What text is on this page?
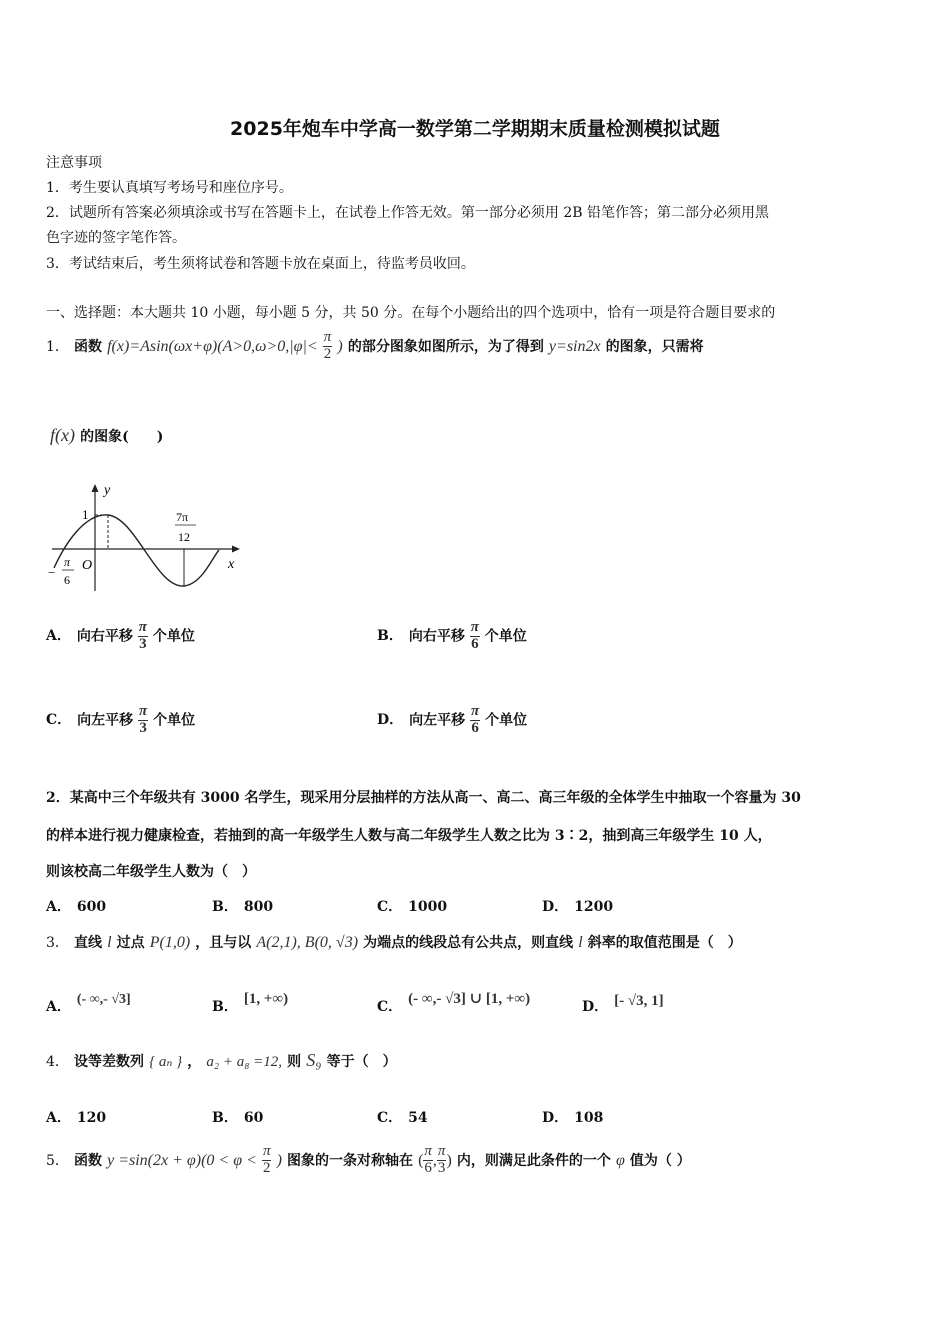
2025年炮车中学高一数学第二学期期末质量检测模拟试题
注意事项
1．考生要认真填写考场号和座位序号。
2．试题所有答案必须填涂或书写在答题卡上，在试卷上作答无效。第一部分必须用 2B 铅笔作答；第二部分必须用黑
色字迹的签字笔作答。
3．考试结束后，考生须将试卷和答题卡放在桌面上，待监考员收回。
一、选择题：本大题共 10 小题，每小题 5 分，共 50 分。在每个小题给出的四个选项中，恰有一项是符合题目要求的
1． 函数 $f(x)=Asin(\omega x+\varphi)(A>0,\omega>0,|\varphi|< \frac{\pi}{2}$ ) 的部分图象如图所示，为了得到 y=sin2x 的图象，只需将
f(x) 的图象(　　)
y
x
1
O
7π
12
−
π
6
A． 向右平移 $\frac{\pi}{3}$ 个单位	B． 向右平移 $\frac{\pi}{6}$ 个单位
C． 向左平移 $\frac{\pi}{3}$ 个单位	D． 向左平移 $\frac{\pi}{6}$ 个单位
2．某高中三个年级共有 3000 名学生，现采用分层抽样的方法从高一、高二、高三年级的全体学生中抽取一个容量为 30
的样本进行视力健康检查，若抽到的高一年级学生人数与高二年级学生人数之比为 3∶2，抽到高三年级学生 10 人，
则该校高二年级学生人数为（　）
A． 600	B． 800	C． 1000	D． 1200
3． 直线 l 过点 P(1,0) ，且与以 A(2,1), B(0, √3) 为端点的线段总有公共点，则直线 l 斜率的取值范围是（　）
A． (- ∞,- √3]	B． [1, +∞)	C． (- ∞,- √3] ∪ [1, +∞)	D． [- √3, 1]
4． 设等差数列 { aₙ } ， a₂ + a₈ =12, 则 S₉ 等于（　）
A． 120	B． 60	C． 54	D． 108
5． 函数 $y =\sin(2x + \varphi)(0 < \varphi < \frac{\pi}{2}$ ) 图象的一条对称轴在 ( $\frac{\pi}{6}$ , $\frac{\pi}{3}$ ) 内，则满足此条件的一个 φ 值为（ ）
